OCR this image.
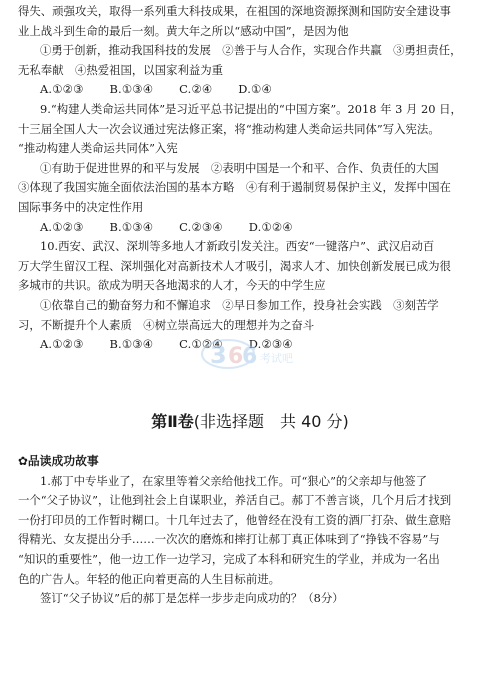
得失、顽强攻关，取得一系列重大科技成果，在祖国的深地资源探测和国防安全建设事

业上战斗到生命的最后一刻。黄大年之所以“感动中国”，是因为他

①勇于创新，推动我国科技的发展　②善于与人合作，实现合作共赢　③勇担责任，

无私奉献　④热爱祖国，以国家利益为重

A.①②③ B.①③④ C.②④ D.①④

9.“构建人类命运共同体”是习近平总书记提出的“中国方案”。2018 年 3 月 20 日，

十三届全国人大一次会议通过宪法修正案，将“推动构建人类命运共同体”写入宪法。

“推动构建人类命运共同体”入宪

①有助于促进世界的和平与发展　②表明中国是一个和平、合作、负责任的大国

③体现了我国实施全面依法治国的基本方略　④有利于遏制贸易保护主义，发挥中国在

国际事务中的决定性作用

A.①②③ B.①③④ C.②③④ D.①②④

10.西安、武汉、深圳等多地人才新政引发关注。西安“一键落户”、武汉启动百

万大学生留汉工程、深圳强化对高新技术人才吸引，渴求人才、加快创新发展已成为很

多城市的共识。欲成为明天各地渴求的人才，今天的中学生应

①依靠自己的勤奋努力和不懈追求　②早日参加工作，投身社会实践　③刻苦学

习，不断提升个人素质　④树立崇高远大的理想并为之奋斗

A.①②③ B.①③④ C.①②④ D.②③④

3 6
6 考试吧
第Ⅱ卷(非选择题　共 40 分)

✿品读成功故事

1.郝丁中专毕业了，在家里等着父亲给他找工作。可“狠心”的父亲却与他签了

一个“父子协议”，让他到社会上自谋职业，养活自己。郝丁不善言谈，几个月后才找到

一份打印员的工作暂时糊口。十几年过去了，他曾经在没有工资的酒厂打杂、做生意赔

得精光、女友提出分手……一次次的磨炼和摔打让郝丁真正体味到了“挣钱不容易”与

“知识的重要性”，他一边工作一边学习，完成了本科和研究生的学业，并成为一名出

色的广告人。年轻的他正向着更高的人生目标前进。

签订“父子协议”后的郝丁是怎样一步步走向成功的？（8分）
